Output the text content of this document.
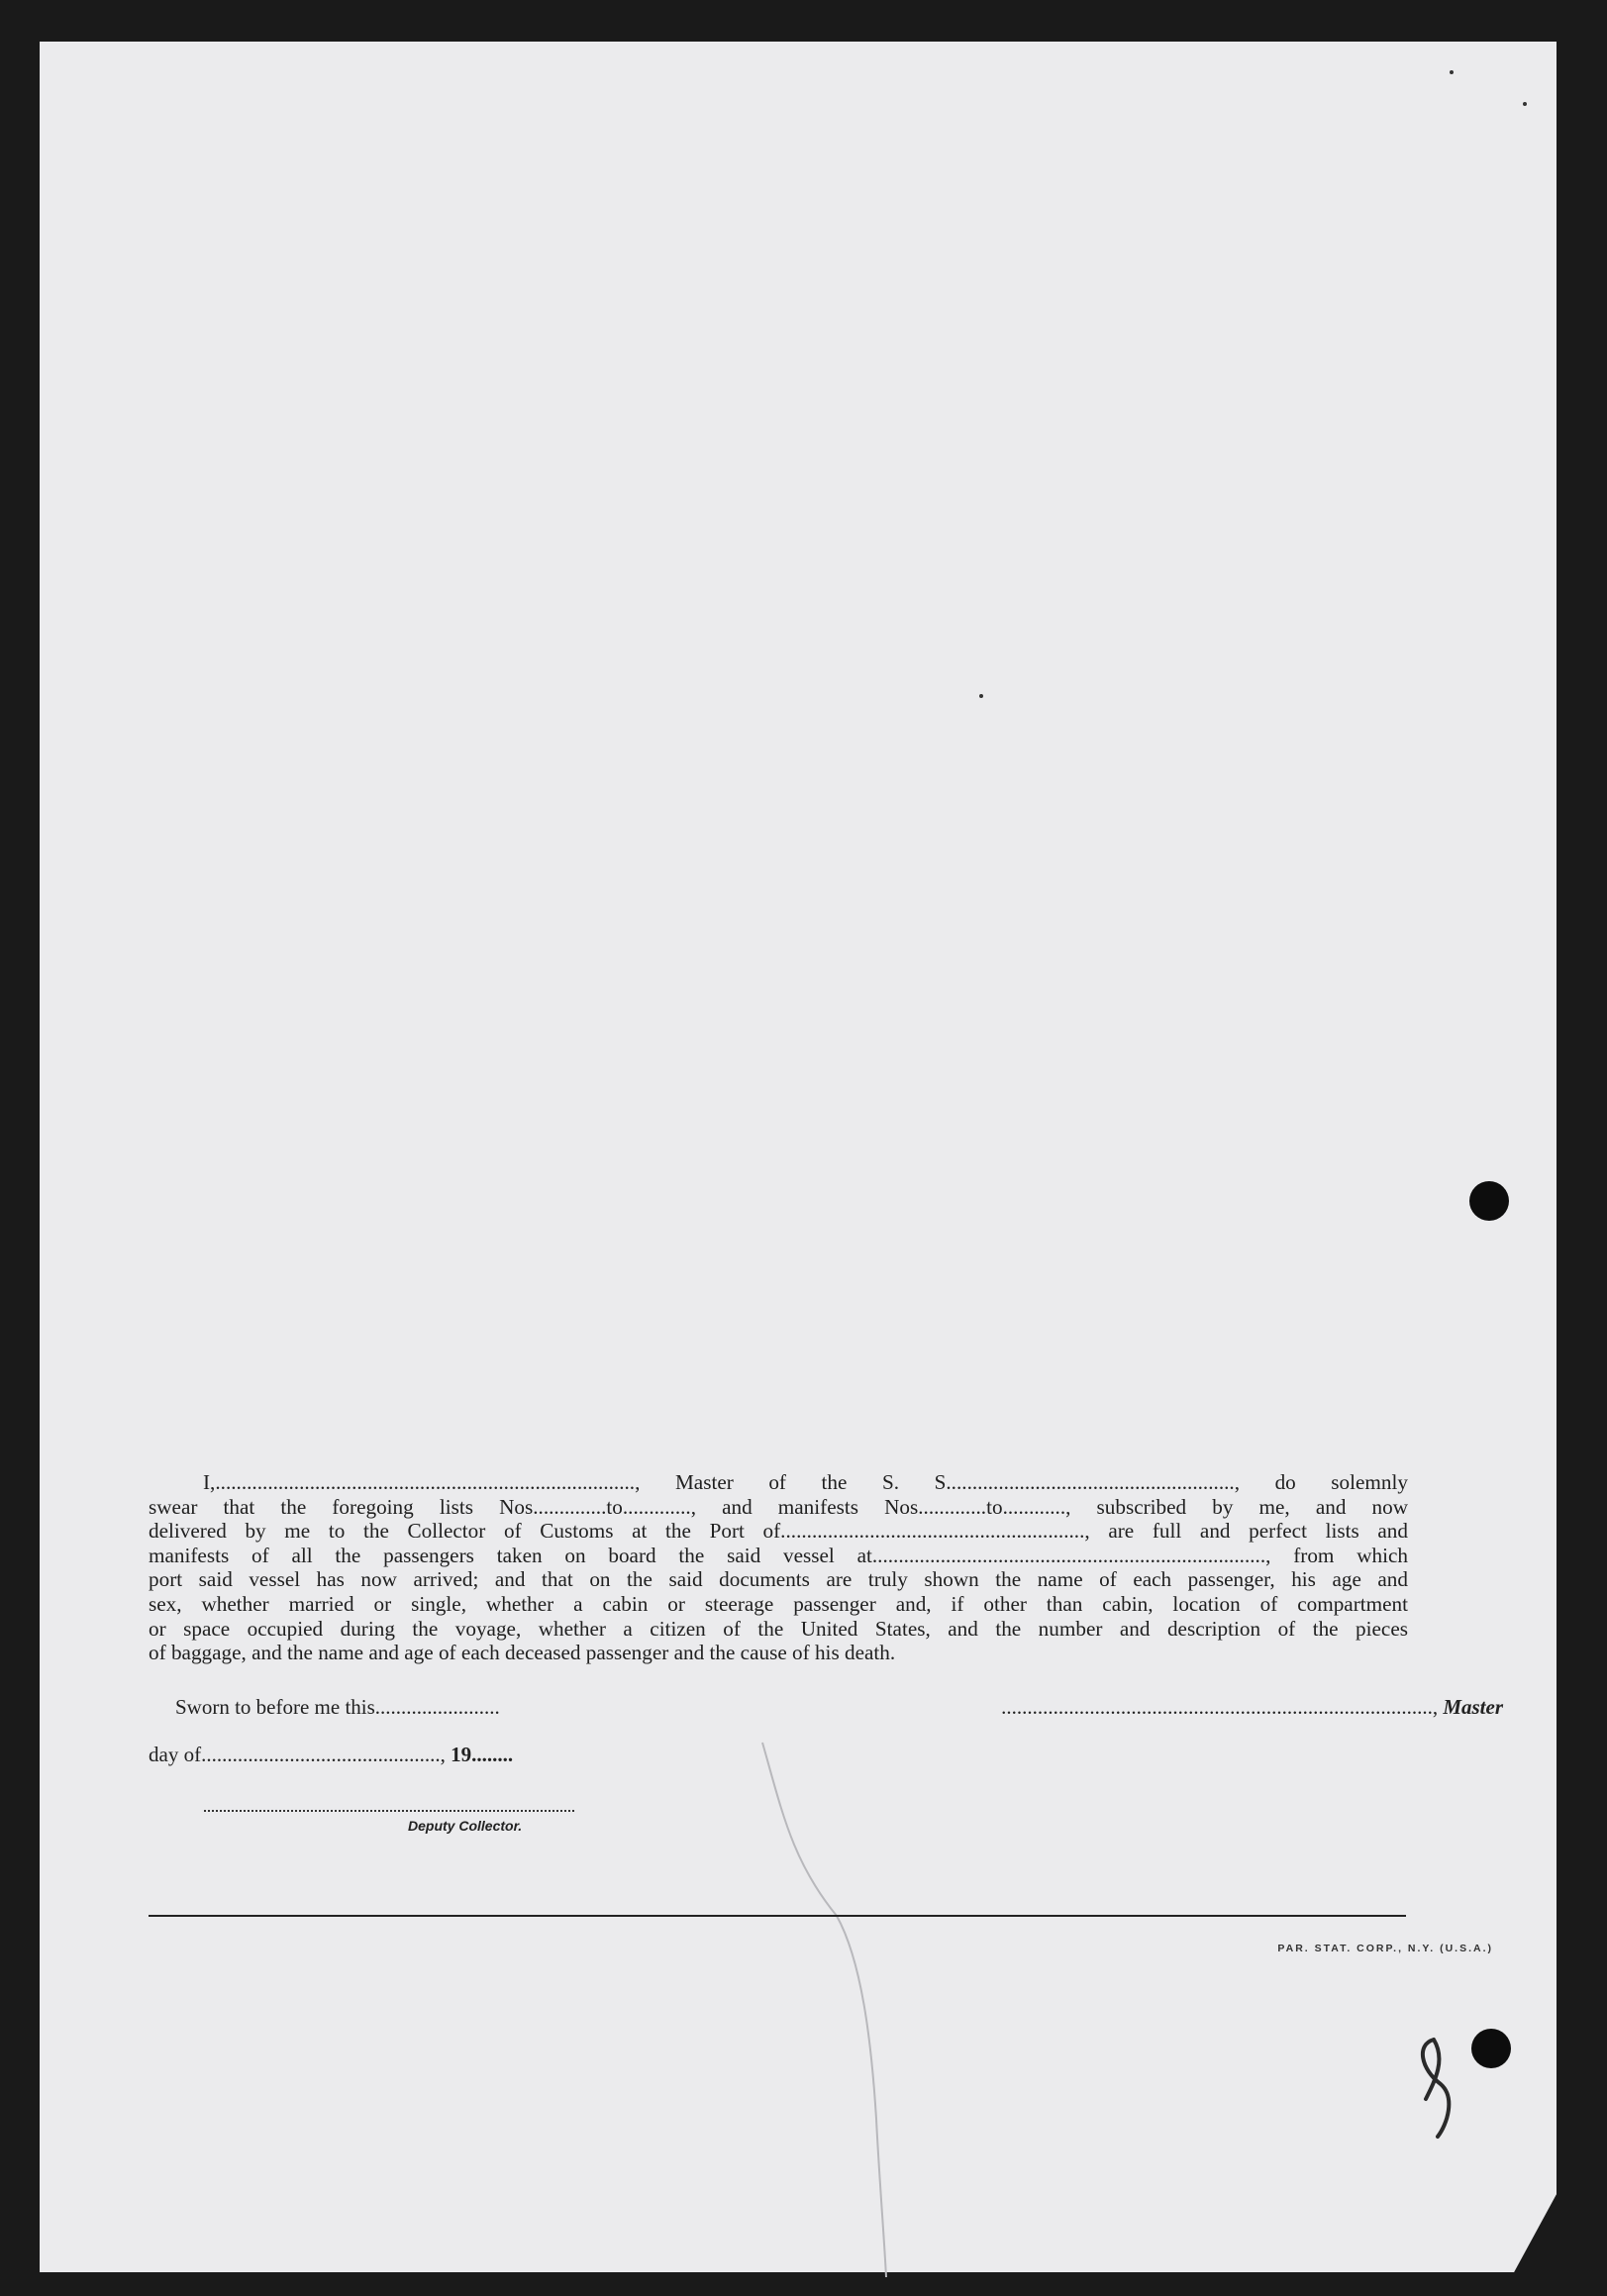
I,................................................................................, Master of the S. S......................................................., do solemnly

swear that the foregoing lists Nos..............to............., and manifests Nos.............to............, subscribed by me, and now

delivered by me to the Collector of Customs at the Port of.........................................................., are full and perfect lists and

manifests of all the passengers taken on board the said vessel at..........................................................................., from which

port said vessel has now arrived; and that on the said documents are truly shown the name of each passenger, his age and

sex, whether married or single, whether a cabin or steerage passenger and, if other than cabin, location of compartment

or space occupied during the voyage, whether a citizen of the United States, and the number and description of the pieces

of baggage, and the name and age of each deceased passenger and the cause of his death.

Sworn to before me this........................	..................................................................................., Master
day of.............................................., 19........
Deputy Collector.
PAR. STAT. CORP., N.Y. (U.S.A.)
